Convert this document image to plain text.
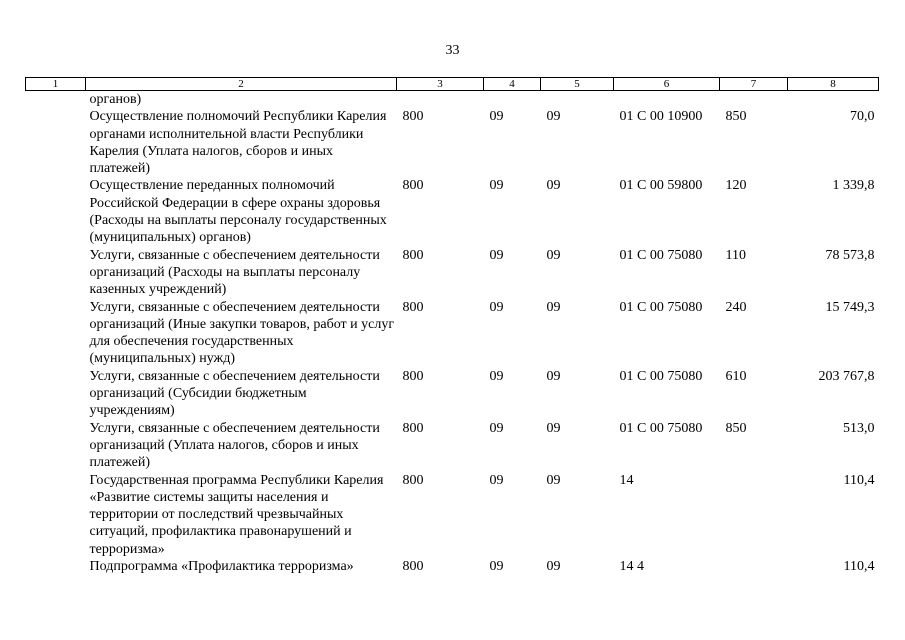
33
1	2	3	4	5	6	7	8
	органов)						
	Осуществление полномочий Республики Карелия органами исполнительной власти Республики Карелия (Уплата налогов, сборов и иных платежей)	800	09	09	01 С 00 10900	850	70,0
	Осуществление переданных полномочий Российской Федерации в сфере охраны здоровья (Расходы на выплаты персоналу государственных (муниципальных) органов)	800	09	09	01 С 00 59800	120	1 339,8
	Услуги, связанные с обеспечением деятельности организаций (Расходы на выплаты персоналу казенных учреждений)	800	09	09	01 С 00 75080	110	78 573,8
	Услуги, связанные с обеспечением деятельности организаций (Иные закупки товаров, работ и услуг для обеспечения государственных (муниципальных) нужд)	800	09	09	01 С 00 75080	240	15 749,3
	Услуги, связанные с обеспечением деятельности организаций (Субсидии бюджетным учреждениям)	800	09	09	01 С 00 75080	610	203 767,8
	Услуги, связанные с обеспечением деятельности организаций (Уплата налогов, сборов и иных платежей)	800	09	09	01 С 00 75080	850	513,0
	Государственная программа Республики Карелия «Развитие системы защиты населения и территории от последствий чрезвычайных ситуаций, профилактика правонарушений и терроризма»	800	09	09	14		110,4
	Подпрограмма «Профилактика терроризма»	800	09	09	14 4		110,4
